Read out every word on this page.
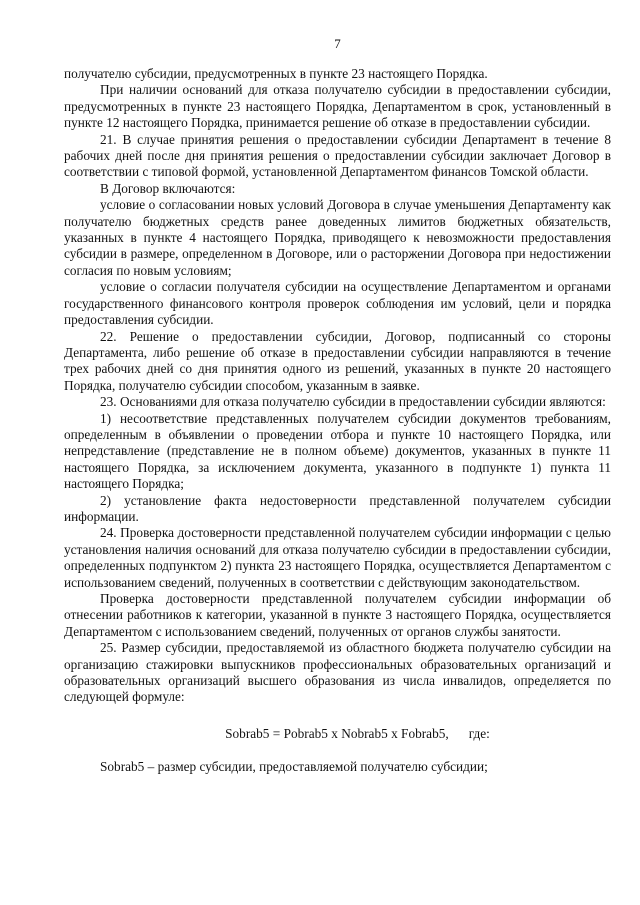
7

получателю субсидии, предусмотренных в пункте 23 настоящего Порядка.

При наличии оснований для отказа получателю субсидии в предоставлении субсидии, предусмотренных в пункте 23 настоящего Порядка, Департаментом в срок, установленный в пункте 12 настоящего Порядка, принимается решение об отказе в предоставлении субсидии.

21. В случае принятия решения о предоставлении субсидии Департамент в течение 8 рабочих дней после дня принятия решения о предоставлении субсидии заключает Договор в соответствии с типовой формой, установленной Департаментом финансов Томской области.

В Договор включаются:

условие о согласовании новых условий Договора в случае уменьшения Департаменту как получателю бюджетных средств ранее доведенных лимитов бюджетных обязательств, указанных в пункте 4 настоящего Порядка, приводящего к невозможности предоставления субсидии в размере, определенном в Договоре, или о расторжении Договора при недостижении согласия по новым условиям;

условие о согласии получателя субсидии на осуществление Департаментом и органами государственного финансового контроля проверок соблюдения им условий, цели и порядка предоставления субсидии.

22. Решение о предоставлении субсидии, Договор, подписанный со стороны Департамента, либо решение об отказе в предоставлении субсидии направляются в течение трех рабочих дней со дня принятия одного из решений, указанных в пункте 20 настоящего Порядка, получателю субсидии способом, указанным в заявке.

23. Основаниями для отказа получателю субсидии в предоставлении субсидии являются:

1) несоответствие представленных получателем субсидии документов требованиям, определенным в объявлении о проведении отбора и пункте 10 настоящего Порядка, или непредставление (представление не в полном объеме) документов, указанных в пункте 11 настоящего Порядка, за исключением документа, указанного в подпункте 1) пункта 11 настоящего Порядка;

2) установление факта недостоверности представленной получателем субсидии информации.

24. Проверка достоверности представленной получателем субсидии информации с целью установления наличия оснований для отказа получателю субсидии в предоставлении субсидии, определенных подпунктом 2) пункта 23 настоящего Порядка, осуществляется Департаментом с использованием сведений, полученных в соответствии с действующим законодательством.

Проверка достоверности представленной получателем субсидии информации об отнесении работников к категории, указанной в пункте 3 настоящего Порядка, осуществляется Департаментом с использованием сведений, полученных от органов службы занятости.

25. Размер субсидии, предоставляемой из областного бюджета получателю субсидии на организацию стажировки выпускников профессиональных образовательных организаций и образовательных организаций высшего образования из числа инвалидов, определяется по следующей формуле:

Sobrab5 = Pobrab5 x Nobrab5 x Fobrab5, где:

Sobrab5 – размер субсидии, предоставляемой получателю субсидии;
